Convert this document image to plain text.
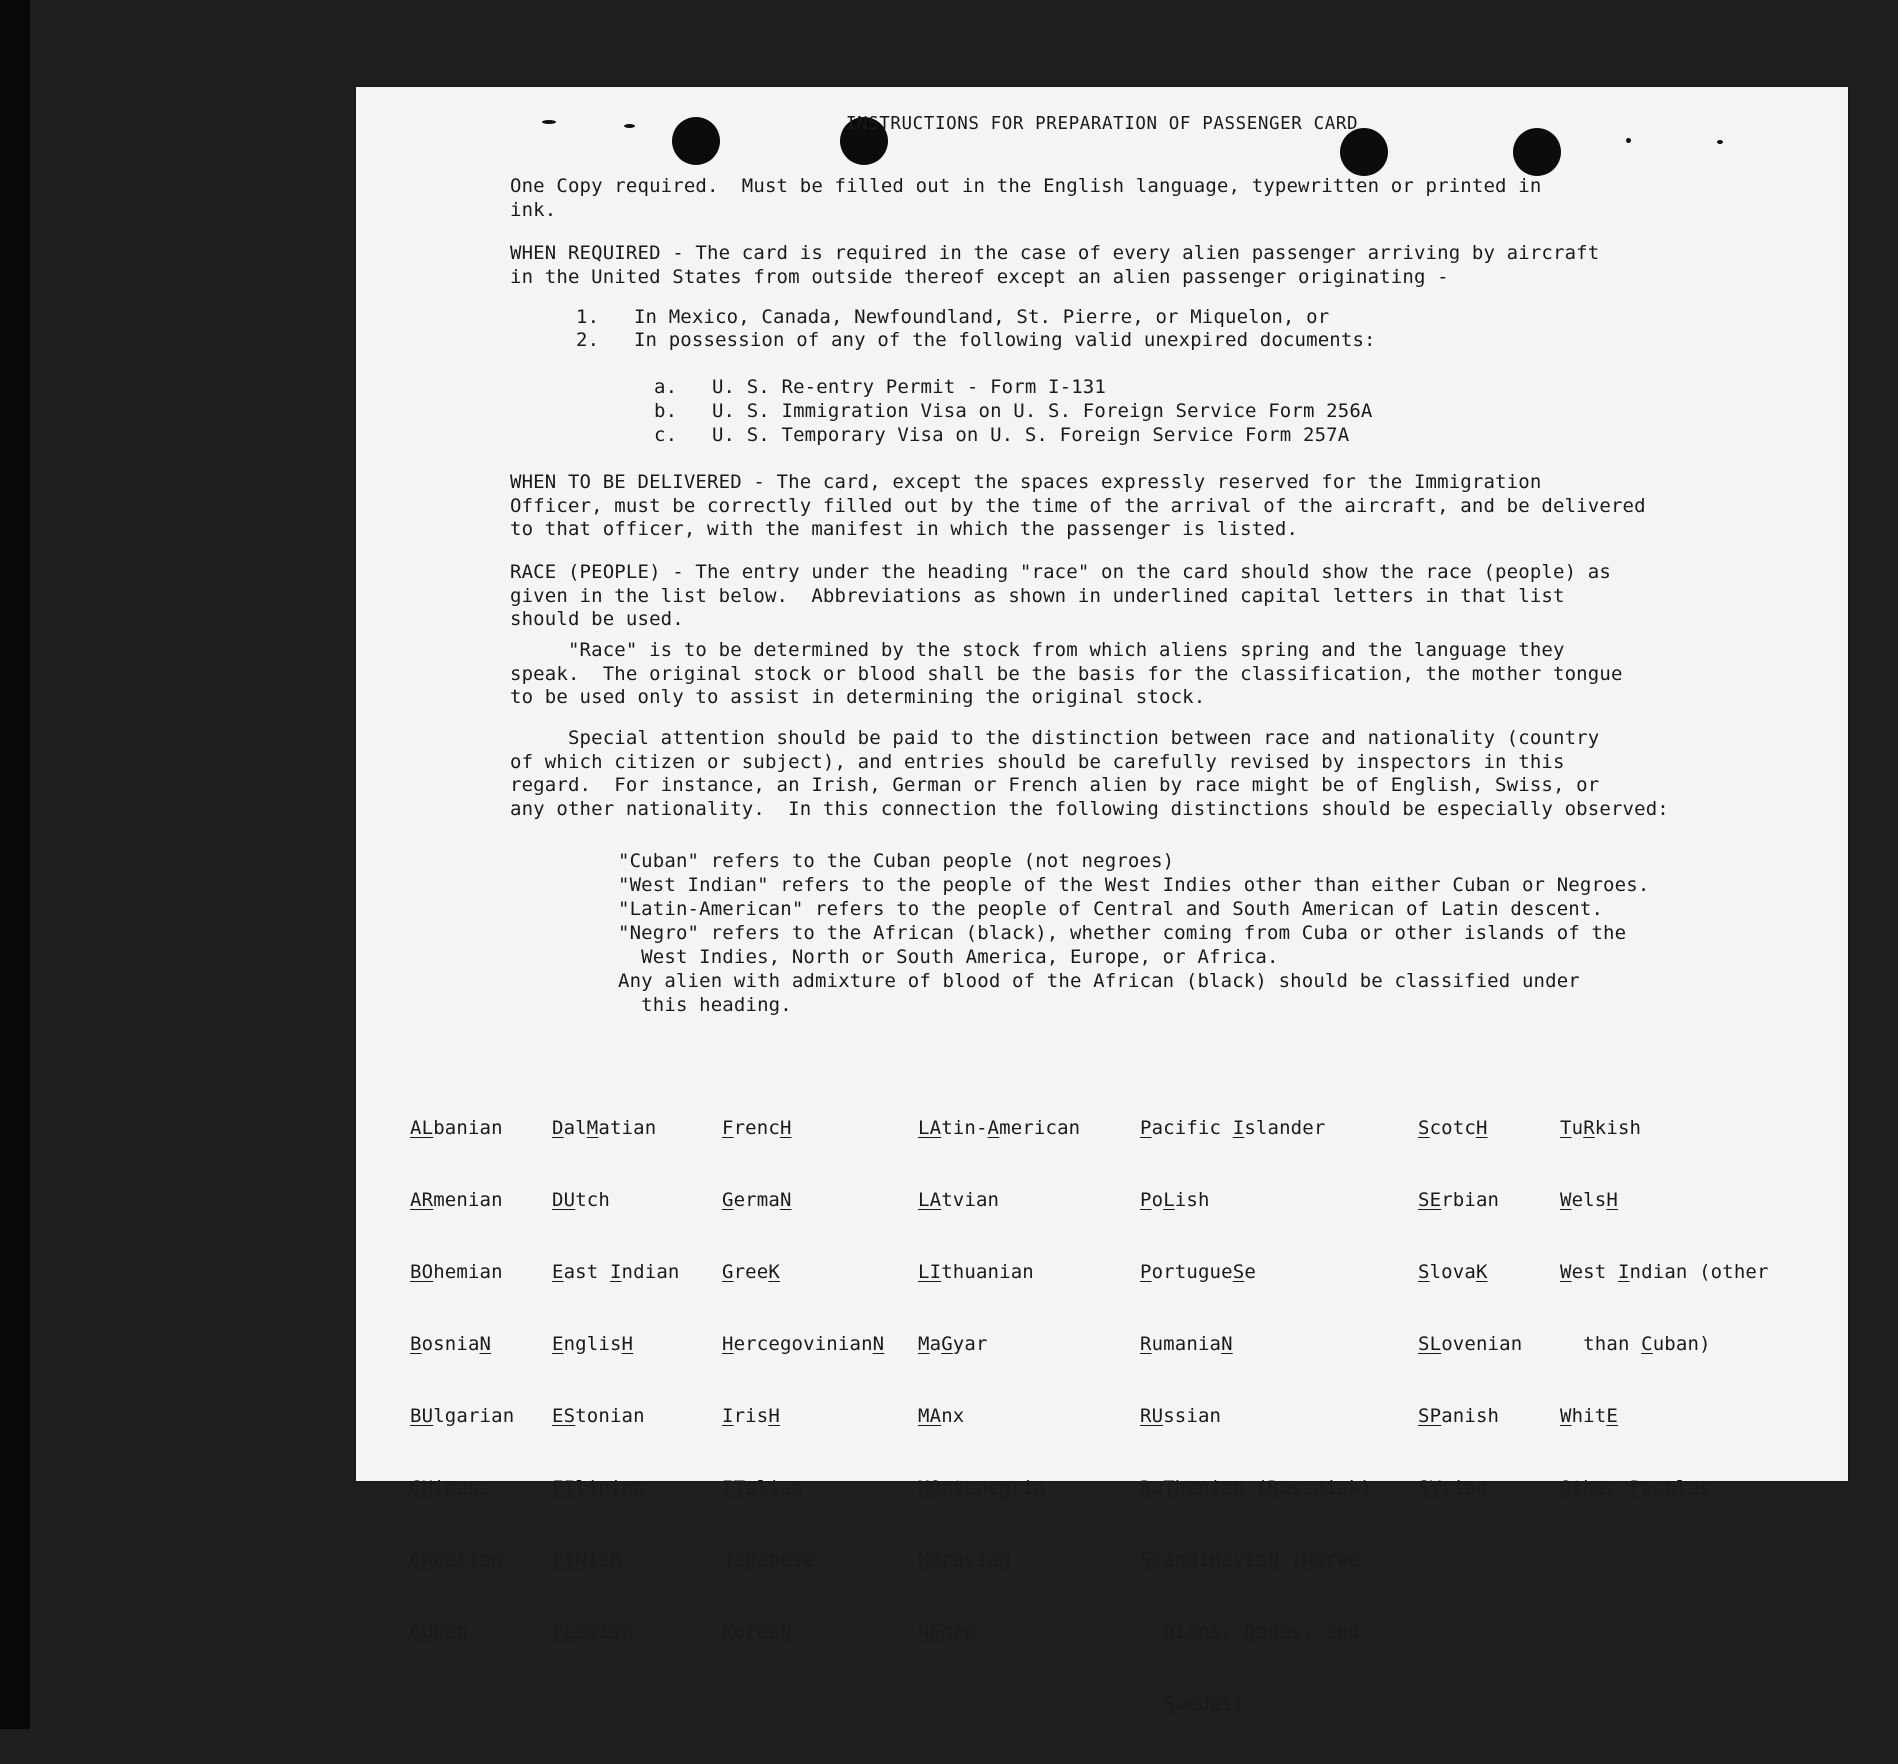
INSTRUCTIONS FOR PREPARATION OF PASSENGER CARD
One Copy required.  Must be filled out in the English language, typewritten or printed in
ink.
WHEN REQUIRED - The card is required in the case of every alien passenger arriving by aircraft
in the United States from outside thereof except an alien passenger originating -
1.   In Mexico, Canada, Newfoundland, St. Pierre, or Miquelon, or
2.   In possession of any of the following valid unexpired documents:
a.   U. S. Re-entry Permit - Form I-131
b.   U. S. Immigration Visa on U. S. Foreign Service Form 256A
c.   U. S. Temporary Visa on U. S. Foreign Service Form 257A
WHEN TO BE DELIVERED - The card, except the spaces expressly reserved for the Immigration
Officer, must be correctly filled out by the time of the arrival of the aircraft, and be delivered
to that officer, with the manifest in which the passenger is listed.
RACE (PEOPLE) - The entry under the heading "race" on the card should show the race (people) as
given in the list below.  Abbreviations as shown in underlined capital letters in that list
should be used.
"Race" is to be determined by the stock from which aliens spring and the language they
speak.  The original stock or blood shall be the basis for the classification, the mother tongue
to be used only to assist in determining the original stock.
Special attention should be paid to the distinction between race and nationality (country
of which citizen or subject), and entries should be carefully revised by inspectors in this
regard.  For instance, an Irish, German or French alien by race might be of English, Swiss, or
any other nationality.  In this connection the following distinctions should be especially observed:
"Cuban" refers to the Cuban people (not negroes)
"West Indian" refers to the people of the West Indies other than either Cuban or Negroes.
"Latin-American" refers to the people of Central and South American of Latin descent.
"Negro" refers to the African (black), whether coming from Cuba or other islands of the
West Indies, North or South America, Europe, or Africa.
Any alien with admixture of blood of the African (black) should be classified under
this heading.

ALbanian

ARmenian

BOhemian

BosniaN

BUlgarian

CHinese

CRoatian

CUban

DalMatian

DUtch

East Indian

EnglisH

EStonian

FIlipino

FINish

FLemish

FrencH

GermaN

GreeK

HercegovinianN

IrisH

ITalian

JaPanese

KoreaN

LAtin-American

LAtvian

LIthuanian

MaGyar

MAnx

MOntenegrin

MoraviaN

NEgro

Pacific Islander

PoLish

PortugueSe

RumaniaN

RUssian

RuThenian (Russniak)

ScandinaviaN (Norwe-

gians, Danes, and

Swedes)

ScotcH

SErbian

SlovaK

SLovenian

SPanish

SYrian

TuRkish

WelsH

West Indian (other

than Cuban)

WhitE

Other Peoples
